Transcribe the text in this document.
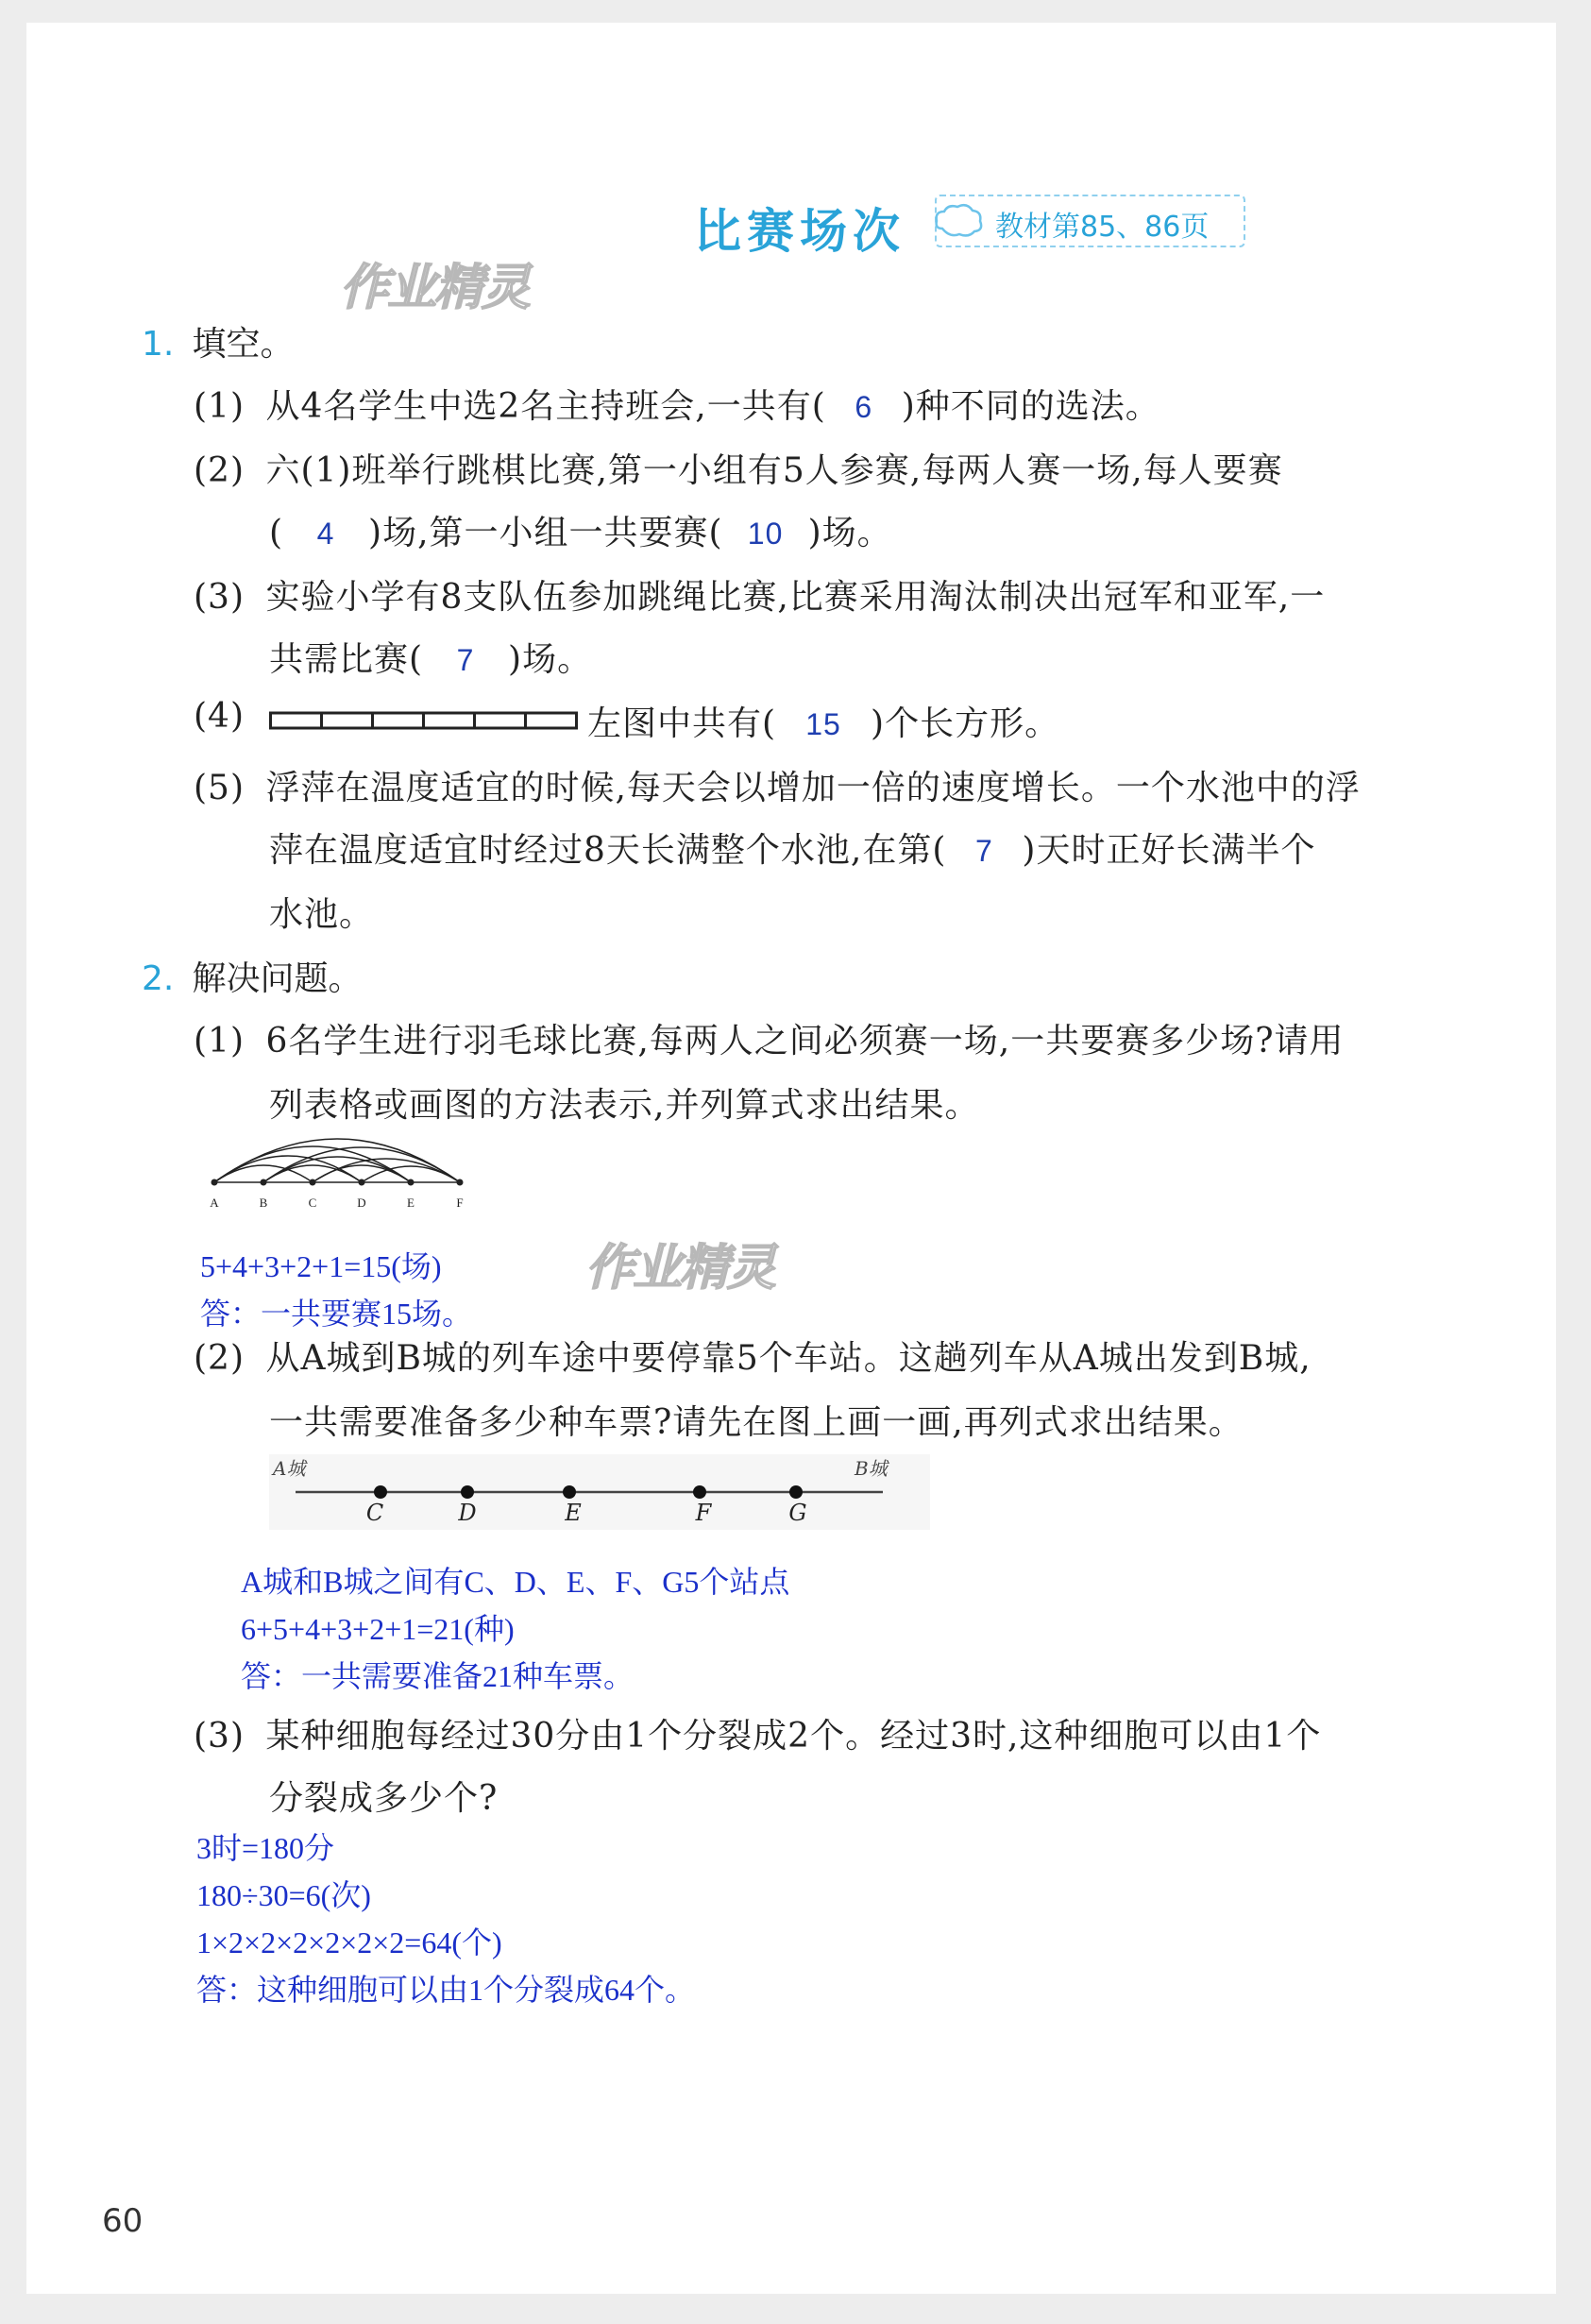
比赛场次	教材第85、86页
作业精灵
1. 填空。
(1) 从4名学生中选2名主持班会,一共有( 6 )种不同的选法。
(2) 六(1)班举行跳棋比赛,第一小组有5人参赛,每两人赛一场,每人要赛
( 4 )场,第一小组一共要赛( 10 )场。
(3) 实验小学有8支队伍参加跳绳比赛,比赛采用淘汰制决出冠军和亚军,一
共需比赛( 7 )场。
(4)	左图中共有( 15 )个长方形。
(5) 浮萍在温度适宜的时候,每天会以增加一倍的速度增长。一个水池中的浮
萍在温度适宜时经过8天长满整个水池,在第( 7 )天时正好长满半个
水池。
2. 解决问题。
(1) 6名学生进行羽毛球比赛,每两人之间必须赛一场,一共要赛多少场?请用
列表格或画图的方法表示,并列算式求出结果。
A	B	C	D	E	F
5+4+3+2+1=15(场)
答：一共要赛15场。
作业精灵
(2) 从A城到B城的列车途中要停靠5个车站。这趟列车从A城出发到B城,
一共需要准备多少种车票?请先在图上画一画,再列式求出结果。
A城	B城
C	D	E	F	G
A城和B城之间有C、D、E、F、G5个站点
6+5+4+3+2+1=21(种)
答：一共需要准备21种车票。
(3) 某种细胞每经过30分由1个分裂成2个。经过3时,这种细胞可以由1个
分裂成多少个?
3时=180分
180÷30=6(次)
1×2×2×2×2×2×2=64(个)
答：这种细胞可以由1个分裂成64个。
60
